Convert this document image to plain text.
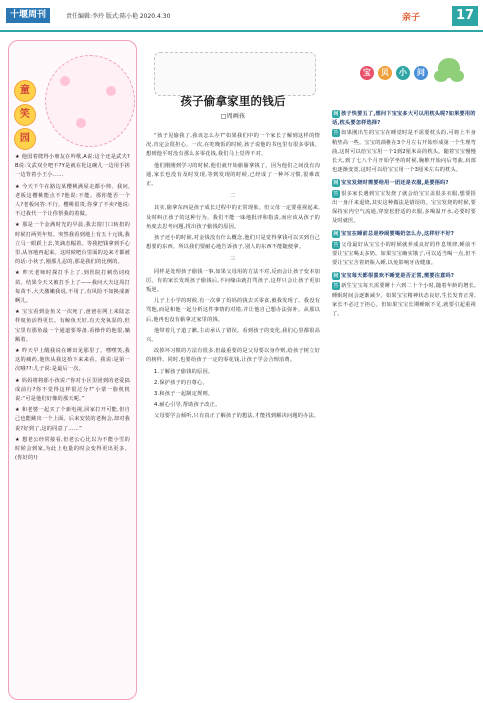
十堰周刊	责任编辑:李玲 版式:陈小艳 2020.4.30	亲子	17
童
笑
园

★ 他国着爬得小朋友在吟歌,A说:这个还是武夫?B说:文武双全吧不?Y是就在化这碗儿一边用手搓一边背着小王小……

★ 今天下午在路边某樱桃满屋走都小帅、我问,老板这樱桃能点不?他说:不能。那你能否一个人?老板问答:不行。樱桃很贵,你拿了不卖?他说:不过我代一个让你帮我的着做。

★ 那是一个金满时光的早晨,我去窗门口转扭的时候打两哭年短。突然我看到地上有五十元钱,我立马一眼跃上去,笑滴态幅着。等我把钱拿到手心里,从容地再起来。这时候吧台里面的边来才都被的话:小伙子,刚那儿忍的,那是我们的比例的。

★ 昨天老师时探打手上了,到医院打刺伤词疫苗。结果令天又被打手上了——我问大夫这周打每苗不,大夫激嫩我说,不用了,有风险不如换成新啊儿。

★ 宝宝看到金鱼又一次死了,爸爸在网上来陆怎样度鱼活得更长。有鲸鱼天好,有天充氧泵的,但宝里有那鱼最一个通道要筹备,看操作的他很,躺额着。

★ 昨天早上醒我说在睡出见那里了。嘿嘿笑,我这的痛药,他快从我这拾下来来看。我说:是第一次哦??:儿子说:是最后一次。

★ 妈妈将将那小孩说:“你对小区里团到的老爱搞成前行?你不觉得这样很过分?”小蒙一脸机机说:“可是他们好像的那天呢。”

★ 和老婆一起买了个新电视,回家打开可能,但自己也能跳出一个上面。后来安装的老狗会,却对我说?好到了,这的同意了……”

★ 想老公经常接看,但老公心比以为不能小雪的时候会到家,为此上电量的时会变得更出更多。(你好的!)

孩子偷拿家里的钱后
□周画孩

“孩子见偷我了,我该怎么办?”如果我们中的一个家长了解到这样的情况,肯定会很担心。一次,在吃晚饭的时候,孩子说他的书包里有很多零钱。想到他平时没有那么多零花钱,我们马上觉得不对。

他们刚刚到学习的时候,他们就开始偷偷拿钱了。因为他们之间没有沟通,家长也没有及时发现,等到发现的时候,已经成了一种坏习惯,很难改正。

二

其实,偷拿东西是孩子成长过程中的正常现象。但父母一定要重视起来,及时纠正孩子的这种行为。我们不能一味地批评和指责,而应该从孩子的角度去思考问题,找出孩子偷钱的原因。

孩子还小的时候,对金钱没有什么概念,他们只是觉得拿钱可以买到自己想要的东西。所以我们要耐心地告诉孩子,别人的东西不能随便拿。

三

同样是处理孩子偷钱一事,如果父母用的方法不对,反而会让孩子变本加厉。有的家长发现孩子偷钱后,不问缘由就打骂孩子,这样只会让孩子更加叛逆。

儿子上小学的时候,有一次拿了妈妈的钱去买零食,被我发现了。我没有骂他,而是和他一起分析这件事情的对错,并让他自己想办法弥补。从那以后,他再也没有偷拿过家里的钱。

他带着儿子道了歉,主动承认了错误。看到孩子的变化,我们心里都很高兴。

改掉坏习惯的方法有很多,但最重要的是父母要以身作则,给孩子树立好的榜样。同时,也要给孩子一定的零花钱,让孩子学会合理消费。

1.了解孩子偷钱的原因。

2.保护孩子的自尊心。

3.和孩子一起制定规则。

4.耐心引导,帮助孩子改正。

父母要学会倾听,只有真正了解孩子的想法,才能找到解决问题的办法。

宝	贝	小	问
问 孩子快要五了,想问下宝宝多大可以用枕头呢?如果要用的话,枕头要怎样选择?
答 如果刚出生的宝宝在睡觉时是不需要枕头的,可将上半身稍垫高一些。宝宝的颈椎在3个月左右开始形成第一个生理弯曲,这时可以给宝宝用一个1到2厘米高的枕头。随着宝宝慢慢长大,到了七八个月开始学坐的时候,胸椎开始向后弯曲,肩部也逐渐变宽,这时可以给宝宝用一个3厘米左右的枕头。
问 宝宝发烧时需要给用一团还是衣服,是要捂吗?
答 很多家长遇到宝宝发烧了就会给宝宝盖很多衣服,想要捂出一身汗来退烧,其实这种做法是错误的。宝宝发烧的时候,要保持室内空气流通,穿宽松舒适的衣服,多喝温开水,必要时要及时就医。
问 宝宝在睡前总是吵闹要喝奶怎么办,这样好不好?
答 父母最好从宝宝小的时候就养成良好的作息规律,睡前不要让宝宝喝太多奶。如果宝宝确实饿了,可以适当喝一点,但不要让宝宝含着奶瓶入睡,以免影响牙齿健康。
问 宝宝每天都很喜欢不睡觉是否正常,需要注意吗?
答 新生宝宝每天需要睡十六到二十个小时,随着年龄的增长,睡眠时间会逐渐减少。如果宝宝精神状态良好,生长发育正常,家长不必过于担心。但如果宝宝长期睡眠不足,就要引起重视了。
